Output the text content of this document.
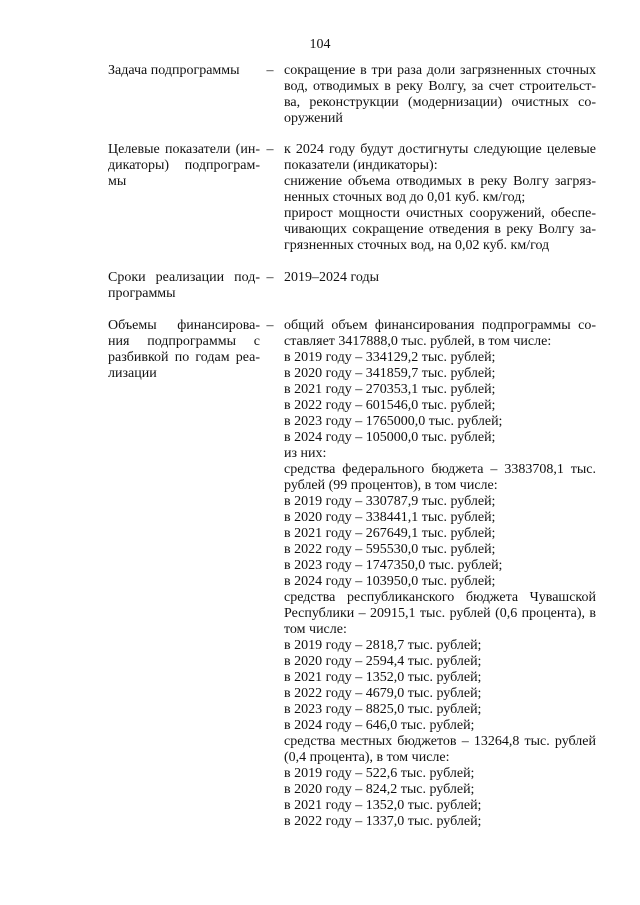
104
Задача подпрограммы	– сокращение в три раза доли загрязненных сточных
вод, отводимых в реку Волгу, за счет строительст-
ва, реконструкции (модернизации) очистных со-
оружений
Целевые показатели (ин-
дикаторы) подпрограм-
мы
– к 2024 году будут достигнуты следующие целевые
показатели (индикаторы):
снижение объема отводимых в реку Волгу загряз-
ненных сточных вод до 0,01 куб. км/год;
прирост мощности очистных сооружений, обеспе-
чивающих сокращение отведения в реку Волгу за-
грязненных сточных вод, на 0,02 куб. км/год
Сроки реализации под-
программы
– 2019–2024 годы
Объемы финансирова-
ния подпрограммы с
разбивкой по годам реа-
лизации
– общий объем финансирования подпрограммы со-
ставляет 3417888,0 тыс. рублей, в том числе:
в 2019 году – 334129,2 тыс. рублей;
в 2020 году – 341859,7 тыс. рублей;
в 2021 году – 270353,1 тыс. рублей;
в 2022 году – 601546,0 тыс. рублей;
в 2023 году – 1765000,0 тыс. рублей;
в 2024 году – 105000,0 тыс. рублей;
из них:
средства федерального бюджета – 3383708,1 тыс.
рублей (99 процентов), в том числе:
в 2019 году – 330787,9 тыс. рублей;
в 2020 году – 338441,1 тыс. рублей;
в 2021 году – 267649,1 тыс. рублей;
в 2022 году – 595530,0 тыс. рублей;
в 2023 году – 1747350,0 тыс. рублей;
в 2024 году – 103950,0 тыс. рублей;
средства республиканского бюджета Чувашской
Республики – 20915,1 тыс. рублей (0,6 процента), в
том числе:
в 2019 году – 2818,7 тыс. рублей;
в 2020 году – 2594,4 тыс. рублей;
в 2021 году – 1352,0 тыс. рублей;
в 2022 году – 4679,0 тыс. рублей;
в 2023 году – 8825,0 тыс. рублей;
в 2024 году – 646,0 тыс. рублей;
средства местных бюджетов – 13264,8 тыс. рублей
(0,4 процента), в том числе:
в 2019 году – 522,6 тыс. рублей;
в 2020 году – 824,2 тыс. рублей;
в 2021 году – 1352,0 тыс. рублей;
в 2022 году – 1337,0 тыс. рублей;
